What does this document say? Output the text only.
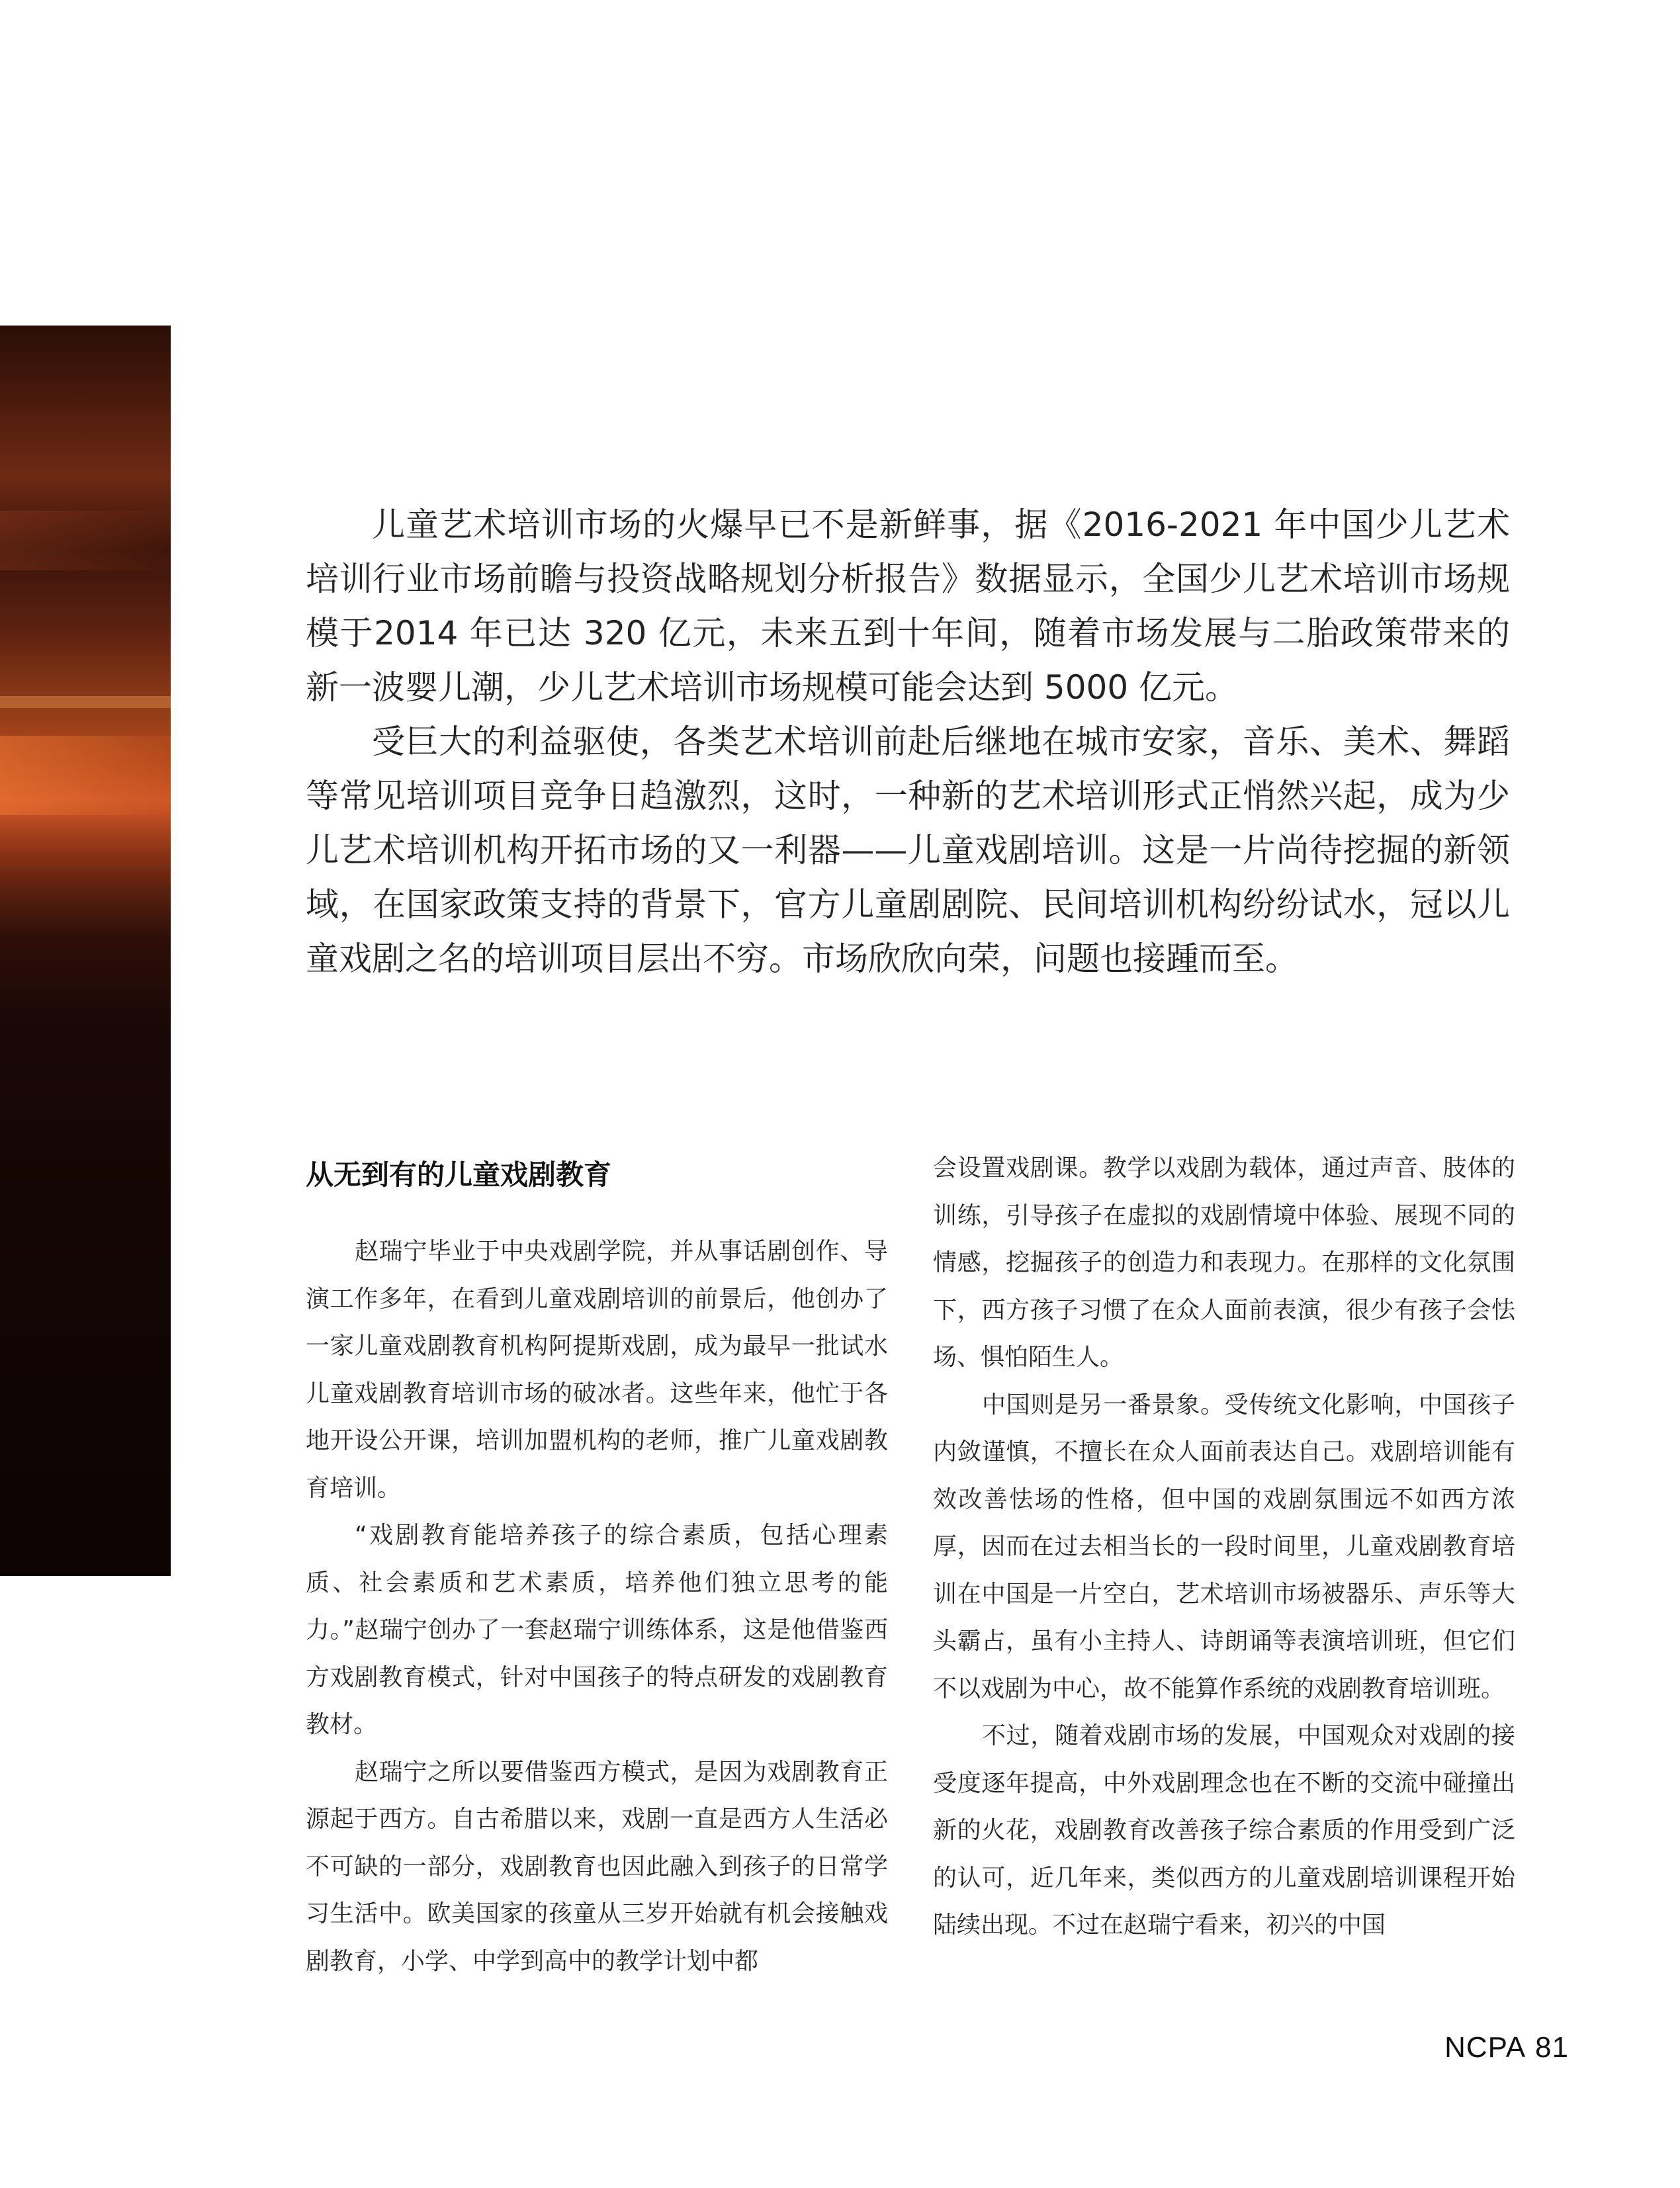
儿童艺术培训市场的火爆早已不是新鲜事，据《2016-2021 年中国少儿艺术培训行业市场前瞻与投资战略规划分析报告》数据显示，全国少儿艺术培训市场规模于2014 年已达 320 亿元，未来五到十年间，随着市场发展与二胎政策带来的新一波婴儿潮，少儿艺术培训市场规模可能会达到 5000 亿元。

受巨大的利益驱使，各类艺术培训前赴后继地在城市安家，音乐、美术、舞蹈等常见培训项目竞争日趋激烈，这时，一种新的艺术培训形式正悄然兴起，成为少儿艺术培训机构开拓市场的又一利器——儿童戏剧培训。这是一片尚待挖掘的新领域，在国家政策支持的背景下，官方儿童剧剧院、民间培训机构纷纷试水，冠以儿童戏剧之名的培训项目层出不穷。市场欣欣向荣，问题也接踵而至。

从无到有的儿童戏剧教育

赵瑞宁毕业于中央戏剧学院，并从事话剧创作、导演工作多年，在看到儿童戏剧培训的前景后，他创办了一家儿童戏剧教育机构阿提斯戏剧，成为最早一批试水儿童戏剧教育培训市场的破冰者。这些年来，他忙于各地开设公开课，培训加盟机构的老师，推广儿童戏剧教育培训。

“戏剧教育能培养孩子的综合素质，包括心理素质、社会素质和艺术素质，培养他们独立思考的能力。”赵瑞宁创办了一套赵瑞宁训练体系，这是他借鉴西方戏剧教育模式，针对中国孩子的特点研发的戏剧教育教材。

赵瑞宁之所以要借鉴西方模式，是因为戏剧教育正源起于西方。自古希腊以来，戏剧一直是西方人生活必不可缺的一部分，戏剧教育也因此融入到孩子的日常学习生活中。欧美国家的孩童从三岁开始就有机会接触戏剧教育，小学、中学到高中的教学计划中都

会设置戏剧课。教学以戏剧为载体，通过声音、肢体的训练，引导孩子在虚拟的戏剧情境中体验、展现不同的情感，挖掘孩子的创造力和表现力。在那样的文化氛围下，西方孩子习惯了在众人面前表演，很少有孩子会怯场、惧怕陌生人。

中国则是另一番景象。受传统文化影响，中国孩子内敛谨慎，不擅长在众人面前表达自己。戏剧培训能有效改善怯场的性格，但中国的戏剧氛围远不如西方浓厚，因而在过去相当长的一段时间里，儿童戏剧教育培训在中国是一片空白，艺术培训市场被器乐、声乐等大头霸占，虽有小主持人、诗朗诵等表演培训班，但它们不以戏剧为中心，故不能算作系统的戏剧教育培训班。

不过，随着戏剧市场的发展，中国观众对戏剧的接受度逐年提高，中外戏剧理念也在不断的交流中碰撞出新的火花，戏剧教育改善孩子综合素质的作用受到广泛的认可，近几年来，类似西方的儿童戏剧培训课程开始陆续出现。不过在赵瑞宁看来，初兴的中国

NCPA 81
